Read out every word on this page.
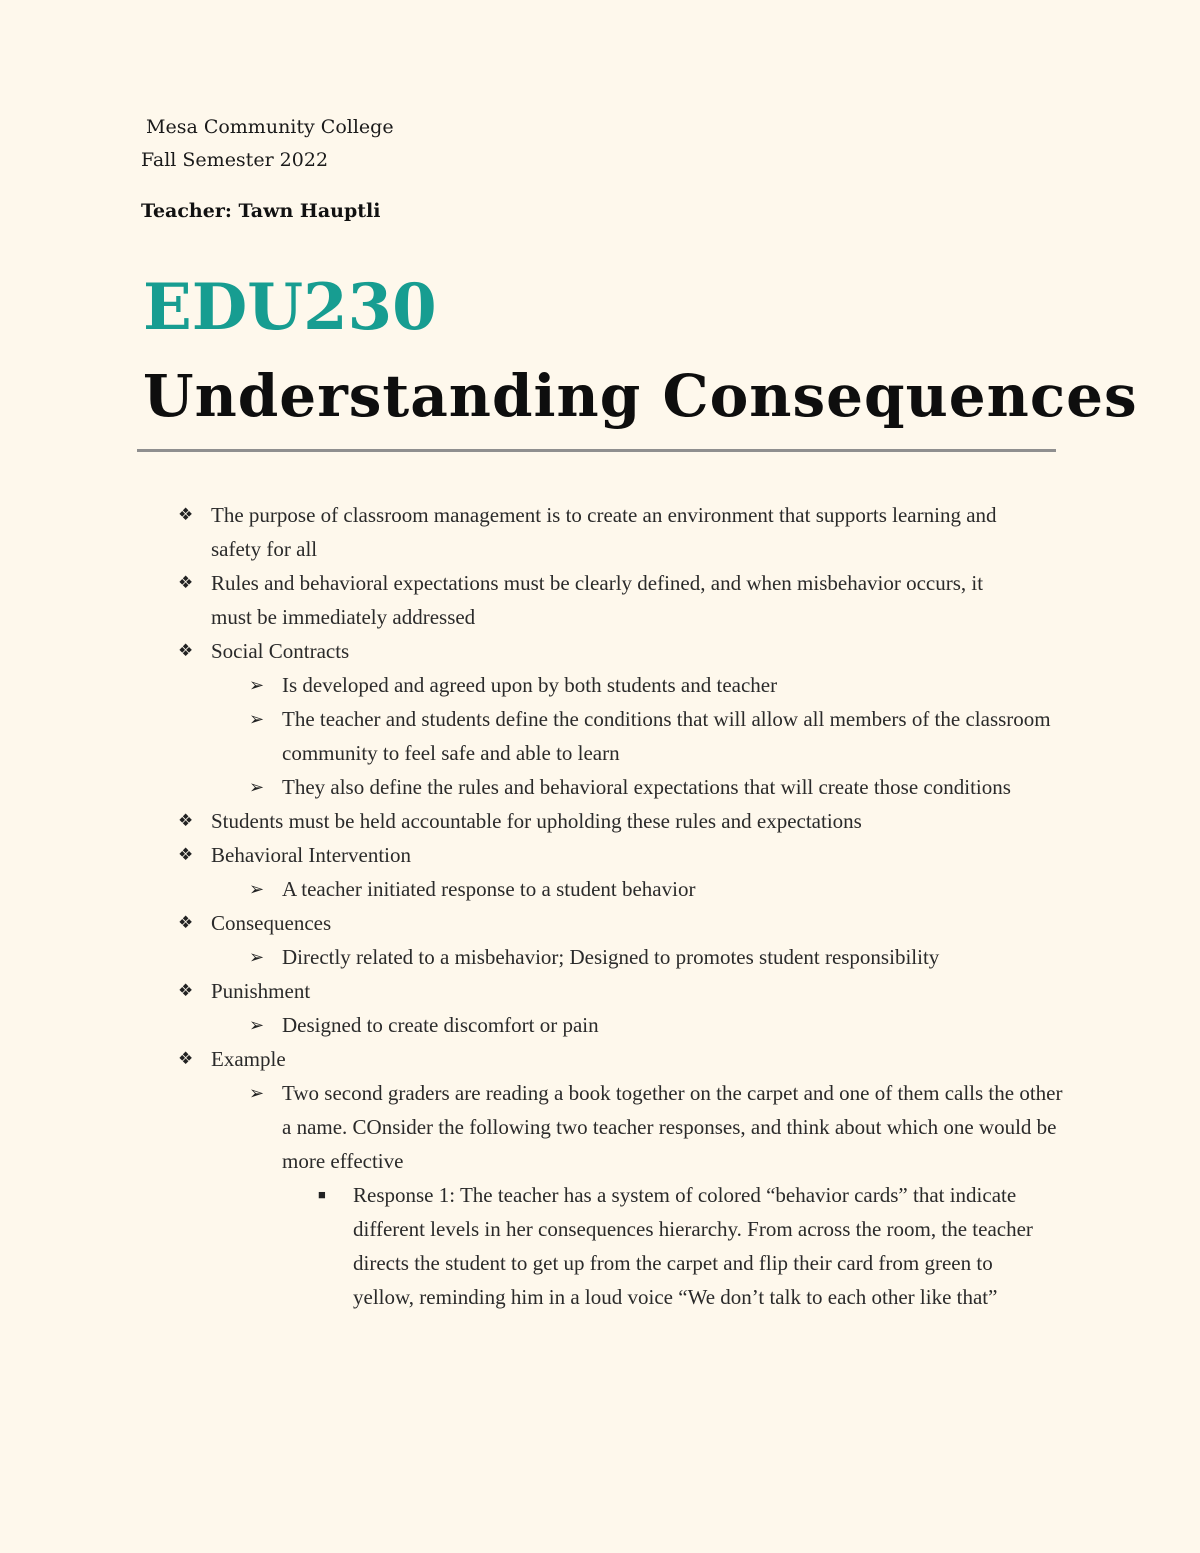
Mesa Community College
Fall Semester 2022
Teacher: Tawn Hauptli
EDU230
Understanding Consequences
❖ The purpose of classroom management is to create an environment that supports learning and safety for all
❖ Rules and behavioral expectations must be clearly defined, and when misbehavior occurs, it must be immediately addressed
❖ Social Contracts
➢ Is developed and agreed upon by both students and teacher
➢ The teacher and students define the conditions that will allow all members of the classroom community to feel safe and able to learn
➢ They also define the rules and behavioral expectations that will create those conditions
❖ Students must be held accountable for upholding these rules and expectations
❖ Behavioral Intervention
➢ A teacher initiated response to a student behavior
❖ Consequences
➢ Directly related to a misbehavior; Designed to promotes student responsibility
❖ Punishment
➢ Designed to create discomfort or pain
❖ Example
➢ Two second graders are reading a book together on the carpet and one of them calls the other a name. COnsider the following two teacher responses, and think about which one would be more effective
■ Response 1: The teacher has a system of colored “behavior cards” that indicate different levels in her consequences hierarchy. From across the room, the teacher directs the student to get up from the carpet and flip their card from green to yellow, reminding him in a loud voice “We don’t talk to each other like that”
